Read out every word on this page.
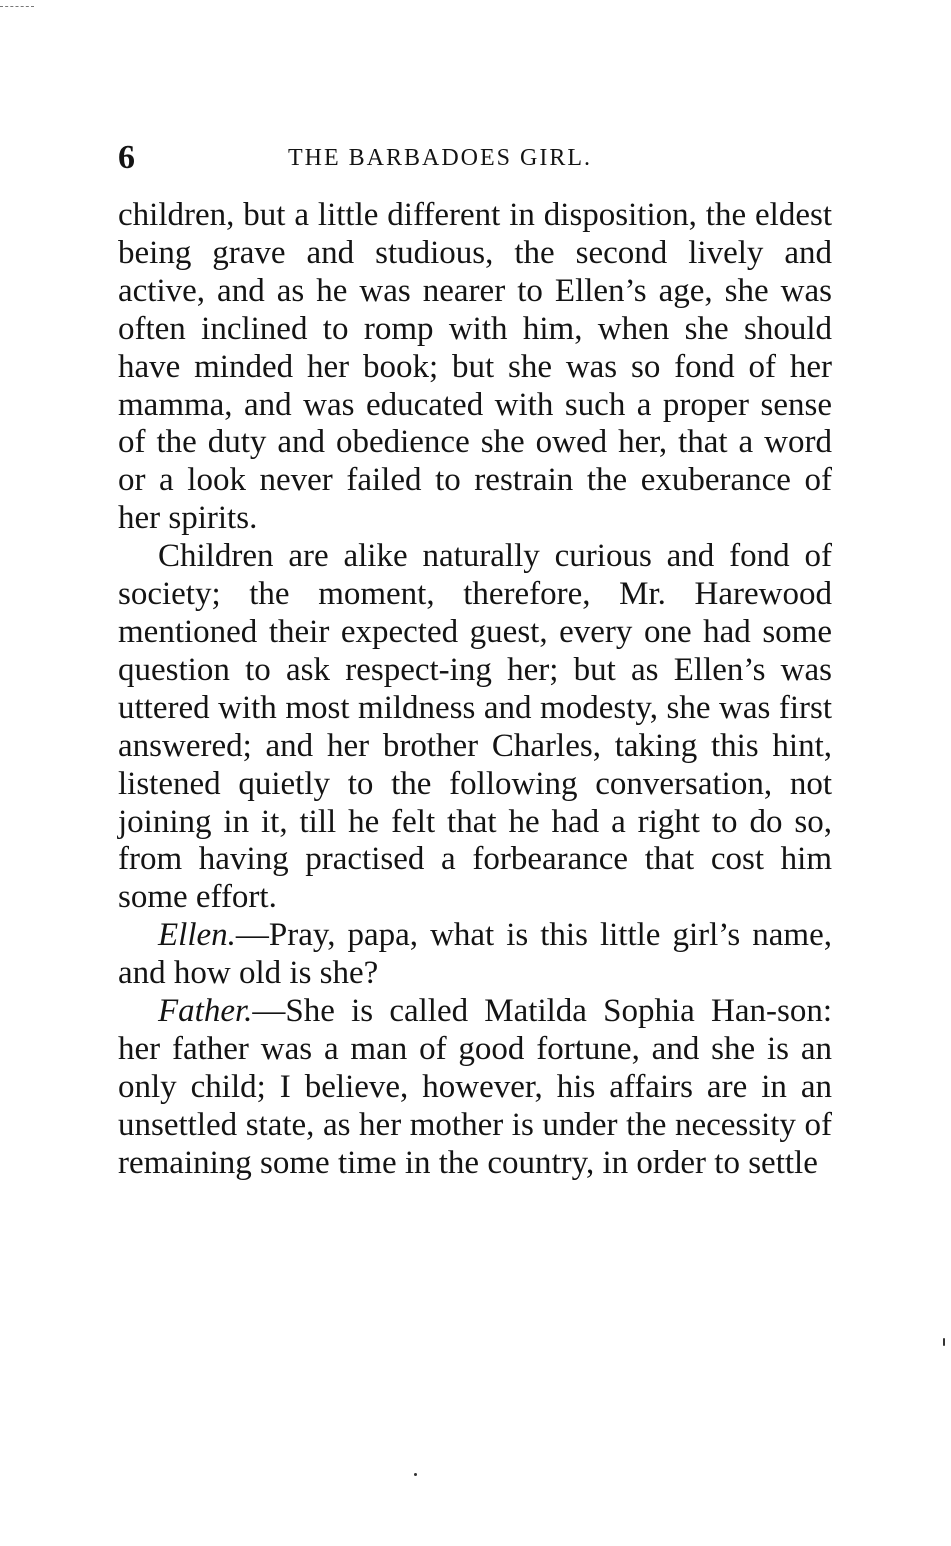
6	THE BARBADOES GIRL.

children, but a little different in disposition, the eldest being grave and studious, the second lively and active, and as he was nearer to Ellen’s age, she was often inclined to romp with him, when she should have minded her book; but she was so fond of her mamma, and was educated with such a proper sense of the duty and obedience she owed her, that a word or a look never failed to restrain the exuberance of her spirits.

Children are alike naturally curious and fond of society; the moment, therefore, Mr. Harewood mentioned their expected guest, every one had some question to ask respect-ing her; but as Ellen’s was uttered with most mildness and modesty, she was first answered; and her brother Charles, taking this hint, listened quietly to the following conversation, not joining in it, till he felt that he had a right to do so, from having practised a forbearance that cost him some effort.

Ellen.—Pray, papa, what is this little girl’s name, and how old is she?

Father.—She is called Matilda Sophia Han-son: her father was a man of good fortune, and she is an only child; I believe, however, his affairs are in an unsettled state, as her mother is under the necessity of remaining some time in the country, in order to settle
